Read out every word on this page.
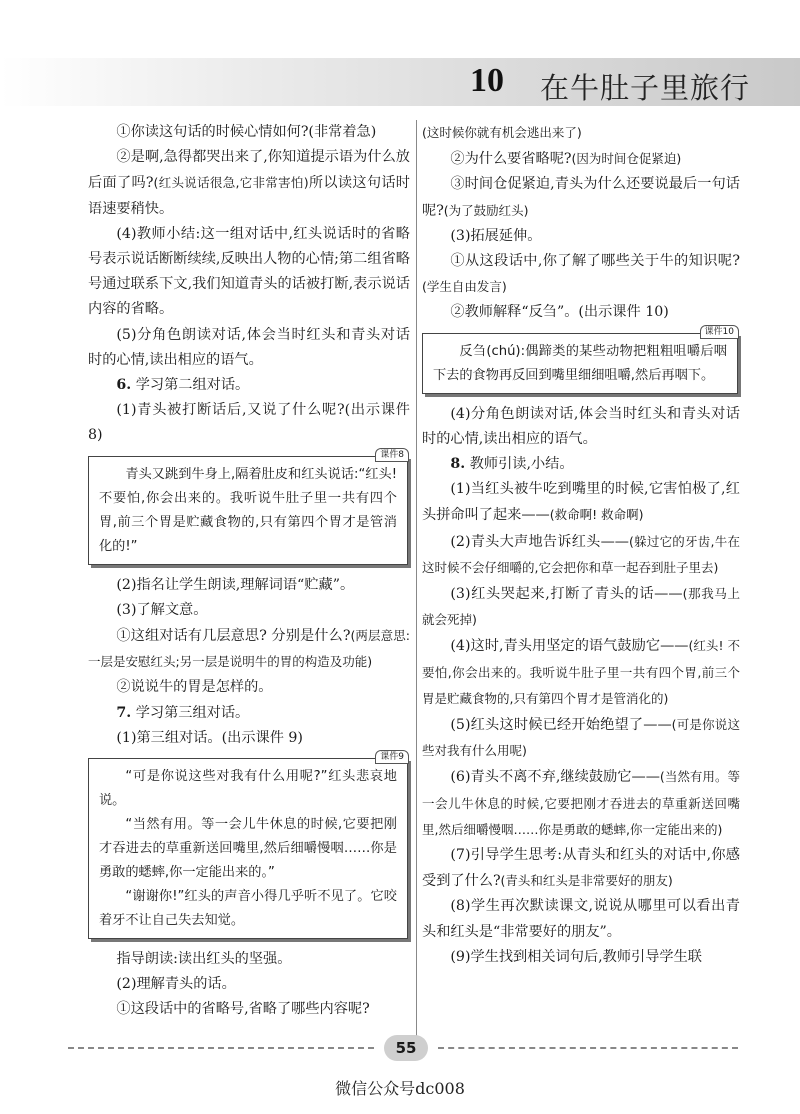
10 在牛肚子里旅行

①你读这句话的时候心情如何?(非常着急)

②是啊,急得都哭出来了,你知道提示语为什么放后面了吗?(红头说话很急,它非常害怕)所以读这句话时语速要稍快。

(4)教师小结:这一组对话中,红头说话时的省略号表示说话断断续续,反映出人物的心情;第二组省略号通过联系下文,我们知道青头的话被打断,表示说话内容的省略。

(5)分角色朗读对话,体会当时红头和青头对话时的心情,读出相应的语气。

6. 学习第二组对话。

(1)青头被打断话后,又说了什么呢?(出示课件 8)

课件8

青头又跳到牛身上,隔着肚皮和红头说话:“红头! 不要怕,你会出来的。我听说牛肚子里一共有四个胃,前三个胃是贮藏食物的,只有第四个胃才是管消化的!”

(2)指名让学生朗读,理解词语“贮藏”。

(3)了解文意。

①这组对话有几层意思? 分别是什么?(两层意思:一层是安慰红头;另一层是说明牛的胃的构造及功能)

②说说牛的胃是怎样的。

7. 学习第三组对话。

(1)第三组对话。(出示课件 9)

课件9

“可是你说这些对我有什么用呢?”红头悲哀地说。

“当然有用。等一会儿牛休息的时候,它要把刚才吞进去的草重新送回嘴里,然后细嚼慢咽……你是勇敢的蟋蟀,你一定能出来的。”

“谢谢你!”红头的声音小得几乎听不见了。它咬着牙不让自己失去知觉。

指导朗读:读出红头的坚强。

(2)理解青头的话。

①这段话中的省略号,省略了哪些内容呢?

(这时候你就有机会逃出来了)

②为什么要省略呢?(因为时间仓促紧迫)

③时间仓促紧迫,青头为什么还要说最后一句话呢?(为了鼓励红头)

(3)拓展延伸。

①从这段话中,你了解了哪些关于牛的知识呢?(学生自由发言)

②教师解释“反刍”。(出示课件 10)

课件10

反刍(chú):偶蹄类的某些动物把粗粗咀嚼后咽下去的食物再反回到嘴里细细咀嚼,然后再咽下。

(4)分角色朗读对话,体会当时红头和青头对话时的心情,读出相应的语气。

8. 教师引读,小结。

(1)当红头被牛吃到嘴里的时候,它害怕极了,红头拼命叫了起来——(救命啊! 救命啊)

(2)青头大声地告诉红头——(躲过它的牙齿,牛在这时候不会仔细嚼的,它会把你和草一起吞到肚子里去)

(3)红头哭起来,打断了青头的话——(那我马上就会死掉)

(4)这时,青头用坚定的语气鼓励它——(红头! 不要怕,你会出来的。我听说牛肚子里一共有四个胃,前三个胃是贮藏食物的,只有第四个胃才是管消化的)

(5)红头这时候已经开始绝望了——(可是你说这些对我有什么用呢)

(6)青头不离不弃,继续鼓励它——(当然有用。等一会儿牛休息的时候,它要把刚才吞进去的草重新送回嘴里,然后细嚼慢咽……你是勇敢的蟋蟀,你一定能出来的)

(7)引导学生思考:从青头和红头的对话中,你感受到了什么?(青头和红头是非常要好的朋友)

(8)学生再次默读课文,说说从哪里可以看出青头和红头是“非常要好的朋友”。

(9)学生找到相关词句后,教师引导学生联

55
微信公众号dc008
